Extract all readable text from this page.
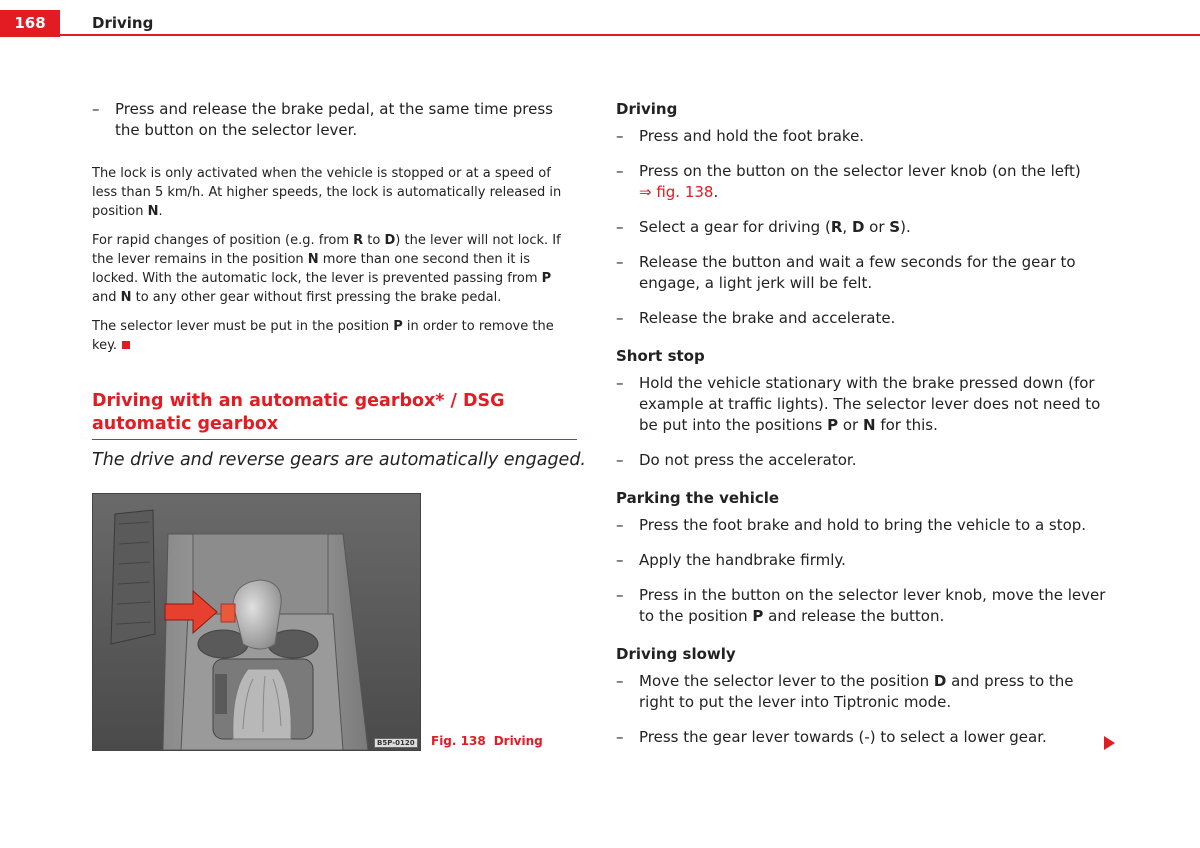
168	Driving
–	Press and release the brake pedal, at the same time press the button on the selector lever.

The lock is only activated when the vehicle is stopped or at a speed of less than 5 km/h. At higher speeds, the lock is automatically released in position N.

For rapid changes of position (e.g. from R to D) the lever will not lock. If the lever remains in the position N more than one second then it is locked. With the automatic lock, the lever is prevented passing from P and N to any other gear without first pressing the brake pedal.

The selector lever must be put in the position P in order to remove the key.

Driving with an automatic gearbox* / DSG automatic gearbox
The drive and reverse gears are automatically engaged.
B5P-0120 Fig. 138 Driving
Driving
–	Press and hold the foot brake.
–	Press on the button on the selector lever knob (on the left)
⇒ fig. 138.
–	Select a gear for driving (R, D or S).
–	Release the button and wait a few seconds for the gear to engage, a light jerk will be felt.
–	Release the brake and accelerate.
Short stop
–	Hold the vehicle stationary with the brake pressed down (for example at traffic lights). The selector lever does not need to be put into the positions P or N for this.
–	Do not press the accelerator.
Parking the vehicle
–	Press the foot brake and hold to bring the vehicle to a stop.
–	Apply the handbrake firmly.
–	Press in the button on the selector lever knob, move the lever to the position P and release the button.
Driving slowly
–	Move the selector lever to the position D and press to the right to put the lever into Tiptronic mode.
–	Press the gear lever towards (-) to select a lower gear.
